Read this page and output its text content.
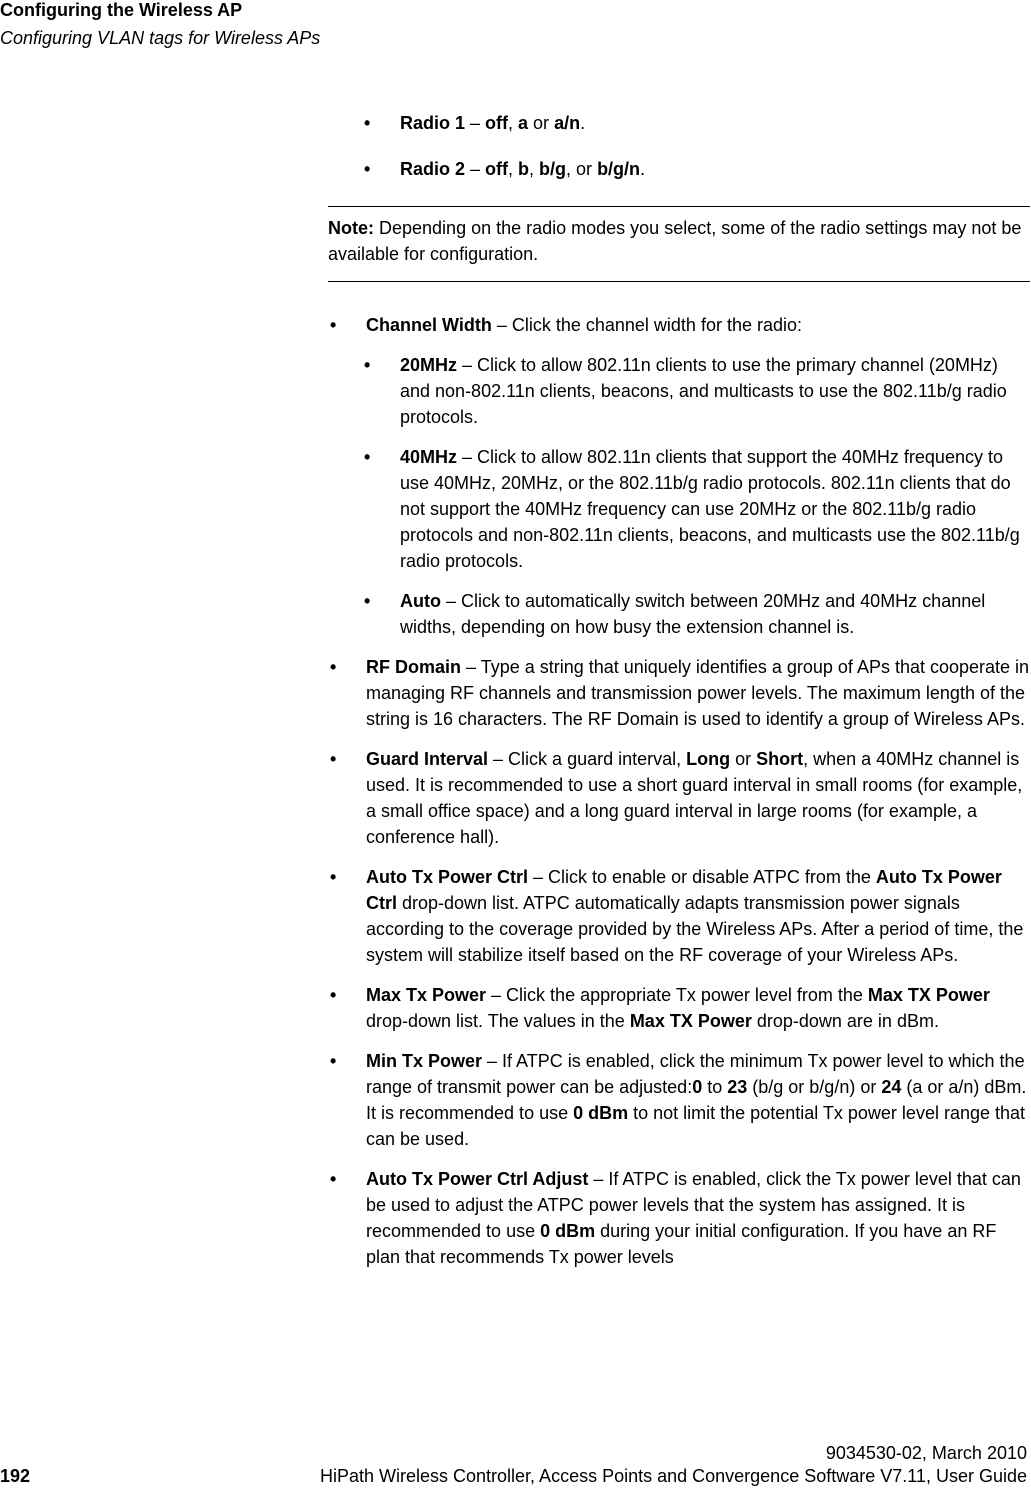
Configuring the Wireless AP
Configuring VLAN tags for Wireless APs
• Radio 1 – off, a or a/n.
• Radio 2 – off, b, b/g, or b/g/n.
Note: Depending on the radio modes you select, some of the radio settings may not be available for configuration.
• Channel Width – Click the channel width for the radio:
• 20MHz – Click to allow 802.11n clients to use the primary channel (20MHz) and non-802.11n clients, beacons, and multicasts to use the 802.11b/g radio protocols.
• 40MHz – Click to allow 802.11n clients that support the 40MHz frequency to use 40MHz, 20MHz, or the 802.11b/g radio protocols. 802.11n clients that do not support the 40MHz frequency can use 20MHz or the 802.11b/g radio protocols and non-802.11n clients, beacons, and multicasts use the 802.11b/g radio protocols.
• Auto – Click to automatically switch between 20MHz and 40MHz channel widths, depending on how busy the extension channel is.
• RF Domain – Type a string that uniquely identifies a group of APs that cooperate in managing RF channels and transmission power levels. The maximum length of the string is 16 characters. The RF Domain is used to identify a group of Wireless APs.
• Guard Interval – Click a guard interval, Long or Short, when a 40MHz channel is used. It is recommended to use a short guard interval in small rooms (for example, a small office space) and a long guard interval in large rooms (for example, a conference hall).
• Auto Tx Power Ctrl – Click to enable or disable ATPC from the Auto Tx Power Ctrl drop-down list. ATPC automatically adapts transmission power signals according to the coverage provided by the Wireless APs. After a period of time, the system will stabilize itself based on the RF coverage of your Wireless APs.
• Max Tx Power – Click the appropriate Tx power level from the Max TX Power drop-down list. The values in the Max TX Power drop-down are in dBm.
• Min Tx Power – If ATPC is enabled, click the minimum Tx power level to which the range of transmit power can be adjusted:0 to 23 (b/g or b/g/n) or 24 (a or a/n) dBm. It is recommended to use 0 dBm to not limit the potential Tx power level range that can be used.
• Auto Tx Power Ctrl Adjust – If ATPC is enabled, click the Tx power level that can be used to adjust the ATPC power levels that the system has assigned. It is recommended to use 0 dBm during your initial configuration. If you have an RF plan that recommends Tx power levels
9034530-02, March 2010
192	HiPath Wireless Controller, Access Points and Convergence Software V7.11, User Guide
